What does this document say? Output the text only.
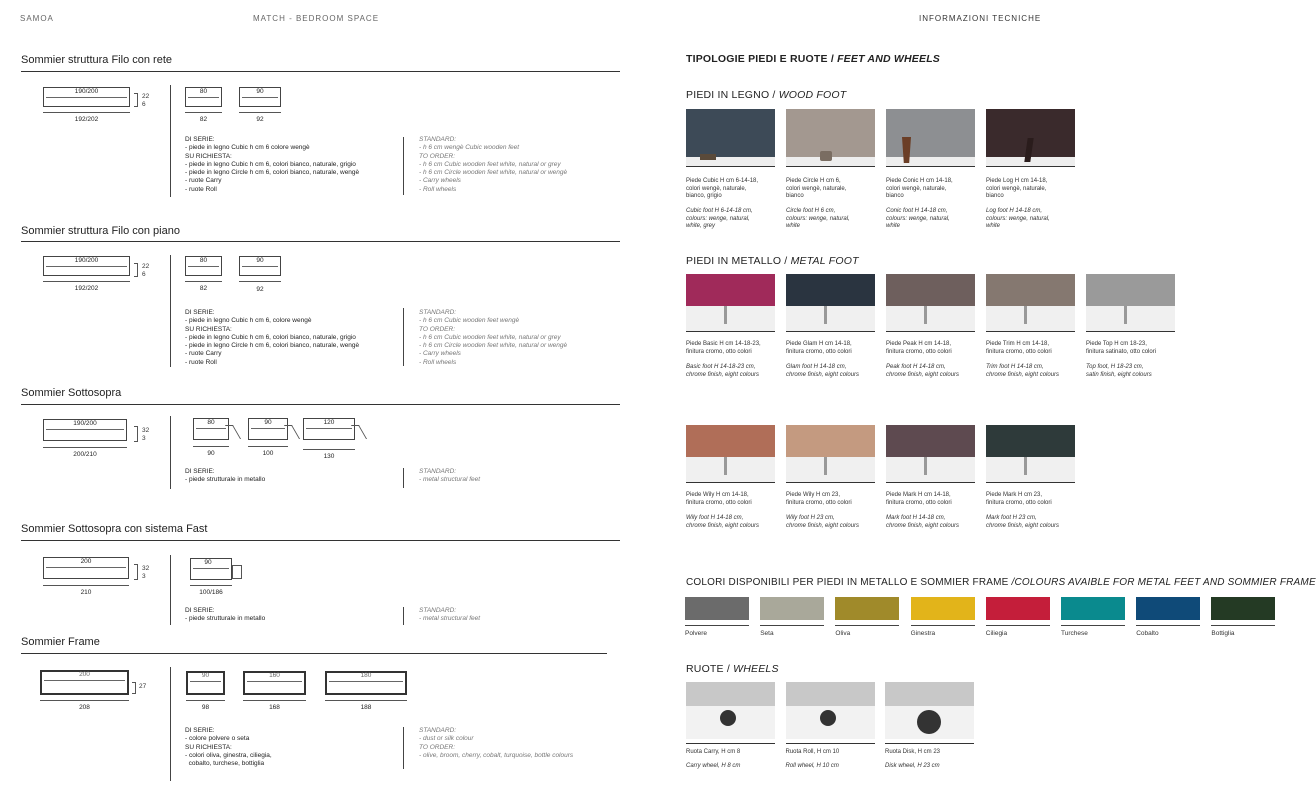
SAMOA	MATCH - BEDROOM SPACE	INFORMAZIONI TECNICHE
Sommier struttura Filo con rete
190/200
192/202
22
6
80
82
90
92
DI SERIE:
- piede in legno Cubic h cm 6 colore wengè
SU RICHIESTA:
- piede in legno Cubic h cm 6, colori bianco, naturale, grigio
- piede in legno Circle h cm 6, colori bianco, naturale, wengè
- ruote Carry
- ruote Roll
STANDARD:
- h 6 cm wengè Cubic wooden feet
TO ORDER:
- h 6 cm Cubic wooden feet white, natural or grey
- h 6 cm Circle wooden feet white, natural or wengè
- Carry wheels
- Roll wheels
Sommier struttura Filo con piano
190/200
192/202
22
6
80
82
90
92
DI SERIE:
- piede in legno Cubic h cm 6, colore wengè
SU RICHIESTA:
- piede in legno Cubic h cm 6, colori bianco, naturale, grigio
- piede in legno Circle h cm 6, colori bianco, naturale, wengè
- ruote Carry
- ruote Roll
STANDARD:
- h 6 cm Cubic wooden feet wengè
TO ORDER:
- h 6 cm Cubic wooden feet white, natural or grey
- h 6 cm Circle wooden feet white, natural or wengè
- Carry wheels
- Roll wheels
Sommier Sottosopra
190/200
200/210
32
3
80
90
90
100
120
130
DI SERIE:
- piede strutturale in metallo
STANDARD:
- metal structural feet
Sommier Sottosopra con sistema Fast
200
210
32
3
90
100/186
DI SERIE:
- piede strutturale in metallo
STANDARD:
- metal structural feet
Sommier Frame
200
208
27
90
98
160
168
180
188
DI SERIE:
- colore polvere o seta
SU RICHIESTA:
- colori oliva, ginestra, ciliegia,
cobalto, turchese, bottiglia
STANDARD:
- dust or silk colour
TO ORDER:
- olive, broom, cherry, cobalt, turquoise, bottle colours
TIPOLOGIE PIEDI E RUOTE / FEET AND WHEELS
PIEDI IN LEGNO / WOOD FOOT
Piede Cubic H cm 6-14-18,
colori wengè, naturale,
bianco, grigio
Cubic foot H 6-14-18 cm,
colours: wenge, natural,
white, grey
Piede Circle H cm 6,
colori wengè, naturale,
bianco
Circle foot H 6 cm,
colours: wenge, natural,
white
Piede Conic H cm 14-18,
colori wengè, naturale,
bianco
Conic foot H 14-18 cm,
colours: wenge, natural,
white
Piede Log H cm 14-18,
colori wengè, naturale,
bianco
Log foot H 14-18 cm,
colours: wenge, natural,
white
PIEDI IN METALLO / METAL FOOT
Piede Basic H cm 14-18-23,
finitura cromo, otto colori
Basic foot H 14-18-23 cm,
chrome finish, eight colours
Piede Glam H cm 14-18,
finitura cromo, otto colori
Glam foot H 14-18 cm,
chrome finish, eight colours
Piede Peak H cm 14-18,
finitura cromo, otto colori
Peak foot H 14-18 cm,
chrome finish, eight colours
Piede Trim H cm 14-18,
finitura cromo, otto colori
Trim foot H 14-18 cm,
chrome finish, eight colours
Piede Top H cm 18-23,
finitura satinato, otto colori
Top foot, H 18-23 cm,
satin finish, eight colours
Piede Wily H cm 14-18,
finitura cromo, otto colori
Wily foot H 14-18 cm,
chrome finish, eight colours
Piede Wily H cm 23,
finitura cromo, otto colori
Wily foot H 23 cm,
chrome finish, eight colours
Piede Mark H cm 14-18,
finitura cromo, otto colori
Mark foot H 14-18 cm,
chrome finish, eight colours
Piede Mark H cm 23,
finitura cromo, otto colori
Mark foot H 23 cm,
chrome finish, eight colours
COLORI DISPONIBILI PER PIEDI IN METALLO E SOMMIER FRAME /COLOURS AVAIBLE FOR METAL FEET AND SOMMIER FRAME
Polvere	Seta	Oliva	Ginestra	Ciliegia	Turchese	Cobalto	Bottiglia
RUOTE / WHEELS
Ruota Carry, H cm 8
Carry wheel, H 8 cm
Ruota Roll, H cm 10
Roll wheel, H 10 cm
Ruota Disk, H cm 23
Disk wheel, H 23 cm
